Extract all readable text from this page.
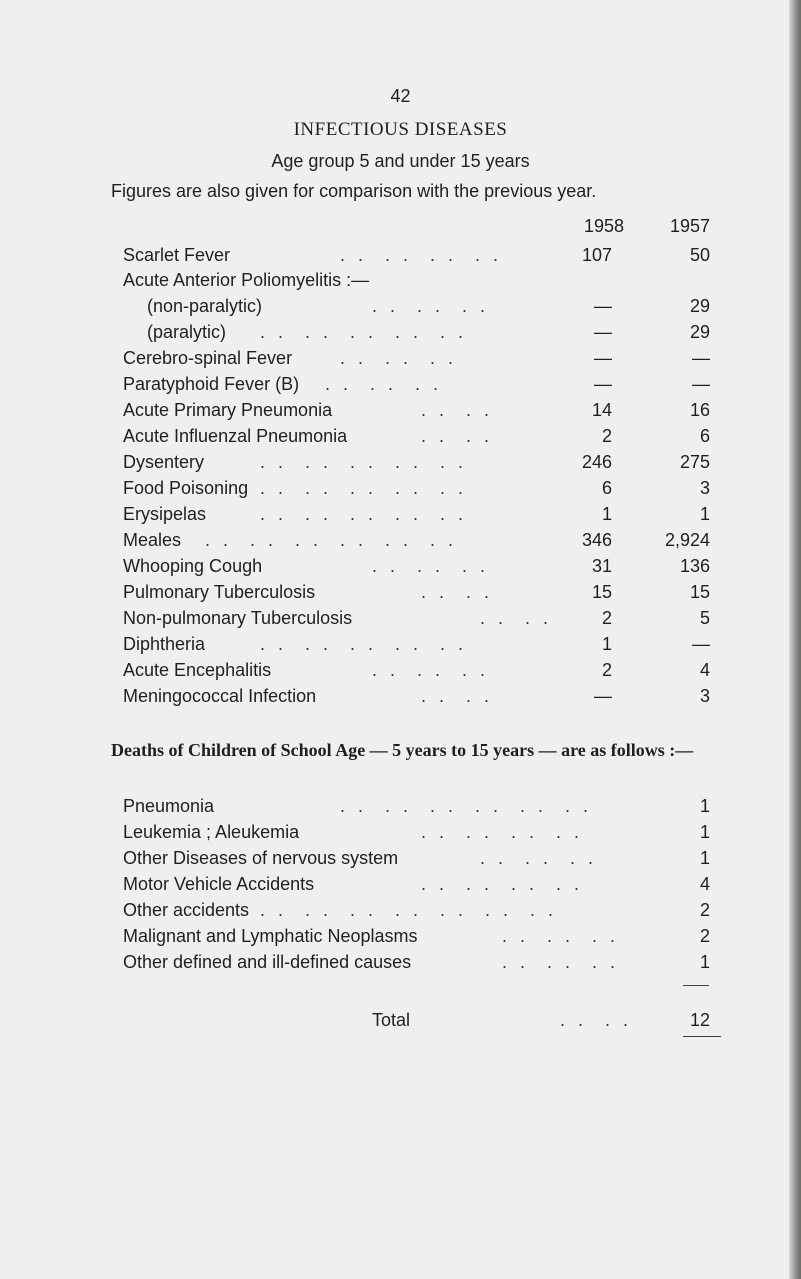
42
INFECTIOUS DISEASES
Age group 5 and under 15 years
Figures are also given for comparison with the previous year.
1958	1957
Scarlet Fever	. .  . .  . .  . .	107	50
Acute Anterior Poliomyelitis :—
(non-paralytic)	. .  . .  . .	—	29
(paralytic) . .  . .  . .  . .  . .	—	29
Cerebro-spinal Fever	. .  . .  . .	—	—
Paratyphoid Fever (B) . .  . .  . .	—	—
Acute Primary Pneumonia	. .  . .	14	16
Acute Influenzal Pneumonia	. .  . .	2	6
Dysentery	. .  . .  . .  . .  . .	246	275
Food Poisoning . .  . .  . .  . .  . .	6	3
Erysipelas	. .  . .  . .  . .  . .	1	1
Meales . .  . .  . .  . .  . .  . .	346	2,924
Whooping Cough	. .  . .  . .	31	136
Pulmonary Tuberculosis	. .  . .	15	15
Non-pulmonary Tuberculosis	. .  . .	2	5
Diphtheria	. .  . .  . .  . .  . .	1	—
Acute Encephalitis	. .  . .  . .	2	4
Meningococcal Infection	. .  . .	—	3
Deaths of Children of School Age — 5 years to 15 years — are as follows :—
Pneumonia	. .  . .  . .  . .  . .  . .	1
Leukemia ; Aleukemia	. .  . .  . .  . .	1
Other Diseases of nervous system	. .  . .  . .	1
Motor Vehicle Accidents	. .  . .  . .  . .	4
Other accidents . .  . .  . .  . .  . .  . .  . .	2
Malignant and Lymphatic Neoplasms	. .  . .  . .	2
Other defined and ill-defined causes	. .  . .  . .	1
Total	. .  . .	12
